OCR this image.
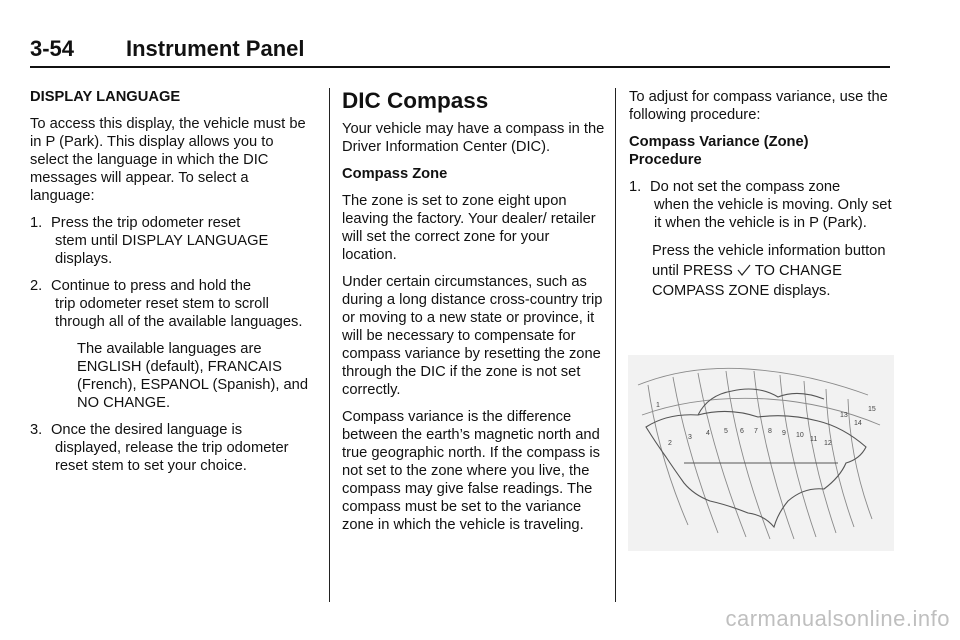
3-54 Instrument Panel

DISPLAY LANGUAGE

To access this display, the vehicle must be in P (Park). This display allows you to select the language in which the DIC messages will appear. To select a language:

1. Press the trip odometer reset
stem until DISPLAY LANGUAGE displays.
2. Continue to press and hold the
trip odometer reset stem to scroll through all of the available languages.

The available languages are ENGLISH (default), FRANCAIS (French), ESPANOL (Spanish), and NO CHANGE.

3. Once the desired language is
displayed, release the trip odometer reset stem to set your choice.
DIC Compass

Your vehicle may have a compass in the Driver Information Center (DIC).

Compass Zone

The zone is set to zone eight upon leaving the factory. Your dealer/ retailer will set the correct zone for your location.

Under certain circumstances, such as during a long distance cross-country trip or moving to a new state or province, it will be necessary to compensate for compass variance by resetting the zone through the DIC if the zone is not set correctly.

Compass variance is the difference between the earth’s magnetic north and true geographic north. If the compass is not set to the zone where you live, the compass may give false readings. The compass must be set to the variance zone in which the vehicle is traveling.

To adjust for compass variance, use the following procedure:

Compass Variance (Zone)

Procedure

1. Do not set the compass zone
when the vehicle is moving. Only set it when the vehicle is in P (Park).

Press the vehicle information button until PRESS TO CHANGE COMPASS ZONE displays.

1
2
3
4 5 6 7 8 9 10
11
12
13
14
15
carmanualsonline.info
